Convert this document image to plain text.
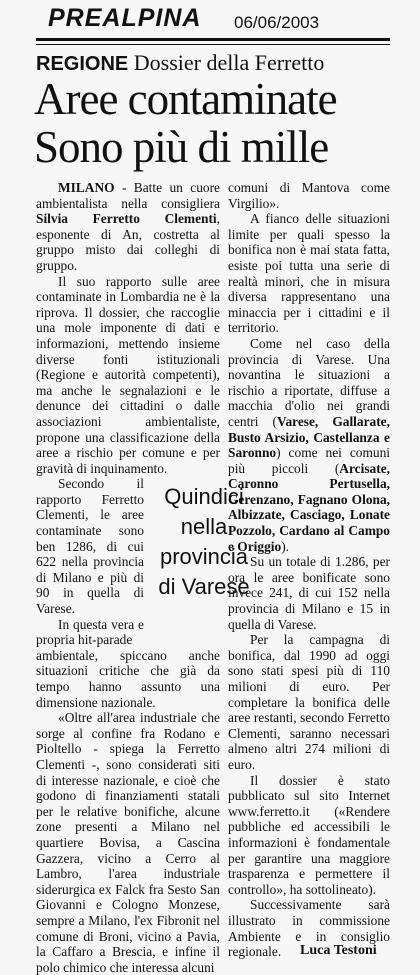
PREALPINA 06/06/2003
REGIONE Dossier della Ferretto
Aree contaminate
Sono più di mille

MILANO - Batte un cuore ambientalista nella consigliera Silvia Ferretto Clementi, esponente di An, costretta al gruppo misto dai colleghi di gruppo.

Il suo rapporto sulle aree contaminate in Lombardia ne è la riprova. Il dossier, che raccoglie una mole imponente di dati e informazioni, mettendo insieme diverse fonti istituzionali (Regione e autorità competenti), ma anche le segnalazioni e le denunce dei cittadini o dalle associazioni ambientaliste, propone una classificazione della aree a rischio per comune e per gravità di inquinamento.

Secondo il rapporto Ferretto Clementi, le aree contaminate sono ben 1286, di cui 622 nella provincia di Milano e più di 90 in quella di Varese.

In questa vera e propria hit-parade

ambientale, spiccano anche situazioni critiche che già da tempo hanno assunto una dimensione nazionale.

«Oltre all'area industriale che sorge al confine fra Rodano e Pioltello - spiega la Ferretto Clementi -, sono considerati siti di interesse nazionale, e cioè che godono di finanziamenti statali per le relative bonifiche, alcune zone presenti a Milano nel quartiere Bovisa, a Cascina Gazzera, vicino a Cerro al Lambro, l'area industriale siderurgica ex Falck fra Sesto San Giovanni e Cologno Monzese, sempre a Milano, l'ex Fibronit nel comune di Broni, vicino a Pavia, la Caffaro a Brescia, e infine il polo chimico che interessa alcuni

Quindici
nella
provincia
di Varese

comuni di Mantova come Virgilio».

A fianco delle situazioni limite per quali spesso la bonifica non è mai stata fatta, esiste poi tutta una serie di realtà minori, che in misura diversa rappresentano una minaccia per i cittadini e il territorio.

Come nel caso della provincia di Varese. Una novantina le situazioni a rischio a riportate, diffuse a macchia d'olio nei grandi centri (Varese, Gallarate, Busto Arsizio, Castellanza e Saronno) come nei comuni più piccoli (Arcisate, Caronno Pertusella, Gerenzano, Fagnano Olona, Albizzate, Casciago, Lonate Pozzolo, Cardano al Campo e Origgio).

Su un totale di 1.286, per ora le aree bonificate sono invece 241, di cui 152 nella provincia di Milano e 15 in quella di Varese.

Per la campagna di bonifica, dal 1990 ad oggi sono stati spesi più di 110 milioni di euro. Per completare la bonifica delle aree restanti, secondo Ferretto Clementi, saranno necessari almeno altri 274 milioni di euro.

Il dossier è stato pubblicato sul sito Internet www.ferretto.it («Rendere pubbliche ed accessibili le informazioni è fondamentale per garantire una maggiore trasparenza e permettere il controllo», ha sottolineato).

Successivamente sarà illustrato in commissione Ambiente e in consiglio regionale.	Luca Testoni
